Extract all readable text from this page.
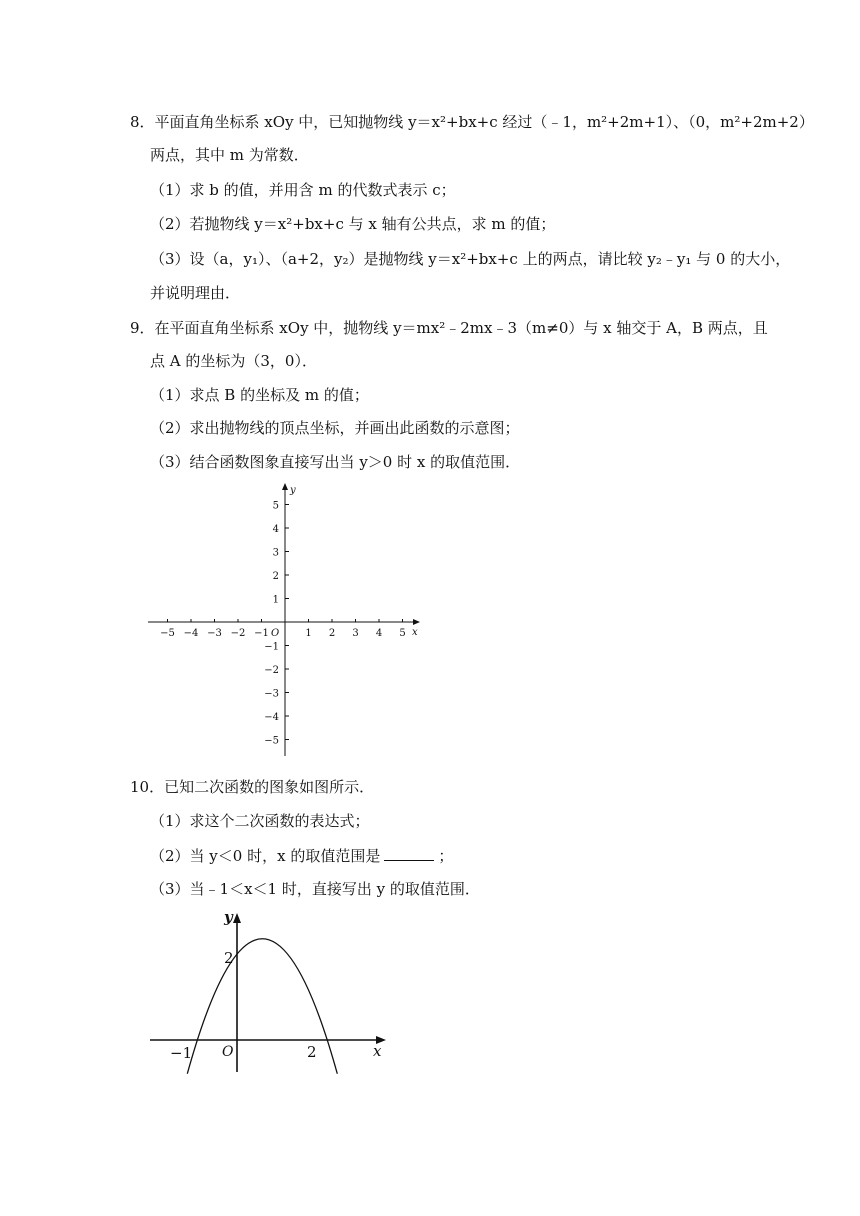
8．平面直角坐标系 xOy 中，已知抛物线 y＝x²+bx+c 经过（﹣1，m²+2m+1）、（0，m²+2m+2）
两点，其中 m 为常数．
（1）求 b 的值，并用含 m 的代数式表示 c；
（2）若抛物线 y＝x²+bx+c 与 x 轴有公共点，求 m 的值；
（3）设（a，y₁）、（a+2，y₂）是抛物线 y＝x²+bx+c 上的两点，请比较 y₂﹣y₁ 与 0 的大小，
并说明理由．
9．在平面直角坐标系 xOy 中，抛物线 y＝mx²﹣2mx﹣3（m≠0）与 x 轴交于 A，B 两点，且
点 A 的坐标为（3，0）．
（1）求点 B 的坐标及 m 的值；
（2）求出抛物线的顶点坐标，并画出此函数的示意图；
（3）结合函数图象直接写出当 y＞0 时 x 的取值范围．
−5 −4 −3 −2 −1	1 2 3 4 5
5
4
3
2
1
−1
−2
−3
−4
−5
x
y
O
10．已知二次函数的图象如图所示．
（1）求这个二次函数的表达式；
（2）当 y＜0 时，x 的取值范围是	；
（3）当﹣1＜x＜1 时，直接写出 y 的取值范围．
y
x
O
−1	2
2
